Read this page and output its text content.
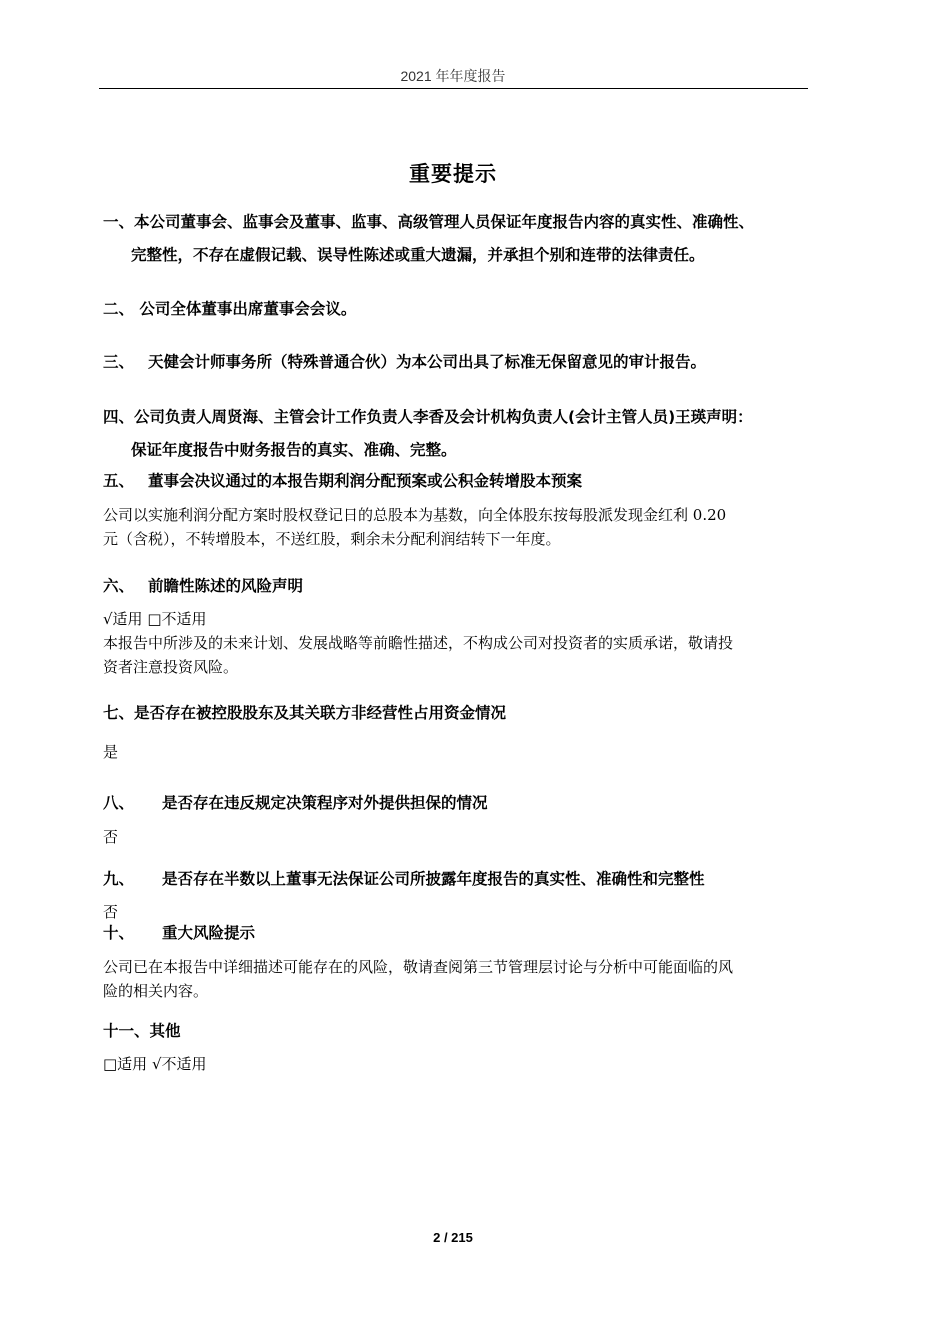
2021 年年度报告
重要提示
一、本公司董事会、监事会及董事、监事、高级管理人员保证年度报告内容的真实性、准确性、
完整性，不存在虚假记载、误导性陈述或重大遗漏，并承担个别和连带的法律责任。
二、 公司全体董事出席董事会会议。
三、 天健会计师事务所（特殊普通合伙）为本公司出具了标准无保留意见的审计报告。
四、公司负责人周贤海、主管会计工作负责人李香及会计机构负责人(会计主管人员)王瑛声明：
保证年度报告中财务报告的真实、准确、完整。
五、 董事会决议通过的本报告期利润分配预案或公积金转增股本预案
公司以实施利润分配方案时股权登记日的总股本为基数，向全体股东按每股派发现金红利 0.20
元（含税），不转增股本，不送红股，剩余未分配利润结转下一年度。
六、 前瞻性陈述的风险声明
√适用 □不适用
本报告中所涉及的未来计划、发展战略等前瞻性描述，不构成公司对投资者的实质承诺，敬请投
资者注意投资风险。
七、是否存在被控股股东及其关联方非经营性占用资金情况
是
八、 是否存在违反规定决策程序对外提供担保的情况
否
九、 是否存在半数以上董事无法保证公司所披露年度报告的真实性、准确性和完整性
否
十、 重大风险提示
公司已在本报告中详细描述可能存在的风险，敬请查阅第三节管理层讨论与分析中可能面临的风
险的相关内容。
十一、其他
□适用 √不适用
2 / 215
